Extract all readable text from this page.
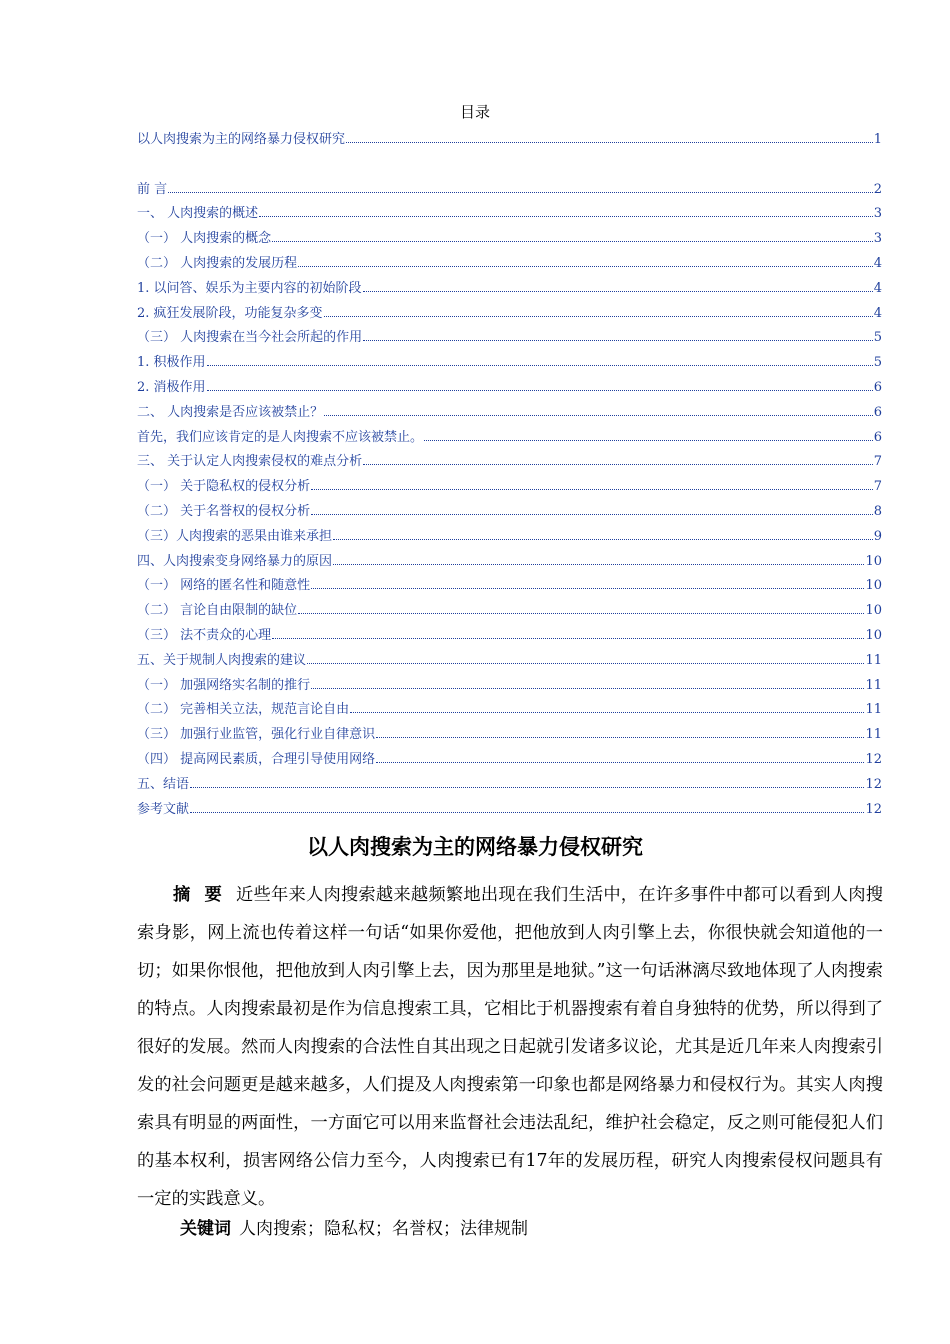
目录
以人肉搜索为主的网络暴力侵权研究	1
前 言	2
一、 人肉搜索的概述	3
（一） 人肉搜索的概念	3
（二） 人肉搜索的发展历程	4
1. 以问答、娱乐为主要内容的初始阶段	4
2. 疯狂发展阶段，功能复杂多变	4
（三） 人肉搜索在当今社会所起的作用	5
1. 积极作用	5
2. 消极作用	6
二、 人肉搜索是否应该被禁止？	6
首先，我们应该肯定的是人肉搜索不应该被禁止。	6
三、 关于认定人肉搜索侵权的难点分析	7
（一） 关于隐私权的侵权分析	7
（二） 关于名誉权的侵权分析	8
（三）人肉搜索的恶果由谁来承担	9
四、人肉搜索变身网络暴力的原因	10
（一） 网络的匿名性和随意性	10
（二） 言论自由限制的缺位	10
（三） 法不责众的心理	10
五、关于规制人肉搜索的建议	11
（一） 加强网络实名制的推行	11
（二） 完善相关立法，规范言论自由	11
（三） 加强行业监管，强化行业自律意识	11
（四） 提高网民素质，合理引导使用网络	12
五、结语	12
参考文献	12
以人肉搜索为主的网络暴力侵权研究
摘要近些年来人肉搜索越来越频繁地出现在我们生活中，在许多事件中都可以看到人肉搜索身影，网上流也传着这样一句话“如果你爱他，把他放到人肉引擎上去，你很快就会知道他的一切；如果你恨他，把他放到人肉引擎上去，因为那里是地狱。”这一句话淋漓尽致地体现了人肉搜索的特点。人肉搜索最初是作为信息搜索工具，它相比于机器搜索有着自身独特的优势，所以得到了很好的发展。然而人肉搜索的合法性自其出现之日起就引发诸多议论，尤其是近几年来人肉搜索引发的社会问题更是越来越多，人们提及人肉搜索第一印象也都是网络暴力和侵权行为。其实人肉搜索具有明显的两面性，一方面它可以用来监督社会违法乱纪，维护社会稳定，反之则可能侵犯人们的基本权利，损害网络公信力至今，人肉搜索已有17年的发展历程，研究人肉搜索侵权问题具有一定的实践意义。
关键词 人肉搜索；隐私权；名誉权；法律规制
